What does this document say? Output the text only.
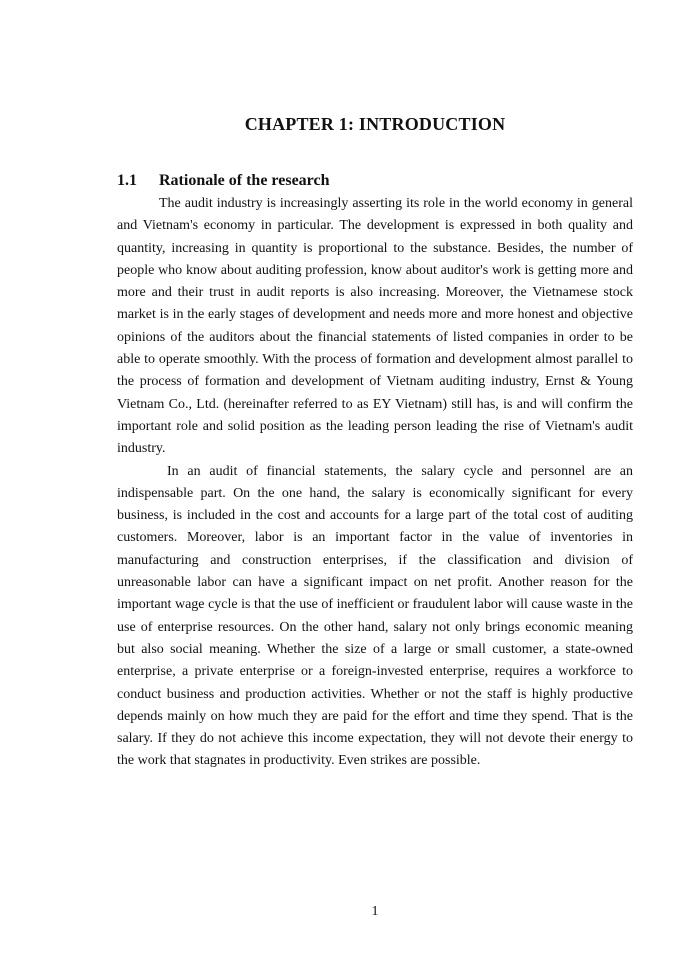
CHAPTER 1: INTRODUCTION
1.1 Rationale of the research

The audit industry is increasingly asserting its role in the world economy in general and Vietnam's economy in particular. The development is expressed in both quality and quantity, increasing in quantity is proportional to the substance. Besides, the number of people who know about auditing profession, know about auditor's work is getting more and more and their trust in audit reports is also increasing. Moreover, the Vietnamese stock market is in the early stages of development and needs more and more honest and objective opinions of the auditors about the financial statements of listed companies in order to be able to operate smoothly. With the process of formation and development almost parallel to the process of formation and development of Vietnam auditing industry, Ernst & Young Vietnam Co., Ltd. (hereinafter referred to as EY Vietnam) still has, is and will confirm the important role and solid position as the leading person leading the rise of Vietnam's audit industry.

In an audit of financial statements, the salary cycle and personnel are an indispensable part. On the one hand, the salary is economically significant for every business, is included in the cost and accounts for a large part of the total cost of auditing customers. Moreover, labor is an important factor in the value of inventories in manufacturing and construction enterprises, if the classification and division of unreasonable labor can have a significant impact on net profit. Another reason for the important wage cycle is that the use of inefficient or fraudulent labor will cause waste in the use of enterprise resources. On the other hand, salary not only brings economic meaning but also social meaning. Whether the size of a large or small customer, a state-owned enterprise, a private enterprise or a foreign-invested enterprise, requires a workforce to conduct business and production activities. Whether or not the staff is highly productive depends mainly on how much they are paid for the effort and time they spend. That is the salary. If they do not achieve this income expectation, they will not devote their energy to the work that stagnates in productivity. Even strikes are possible.

1
